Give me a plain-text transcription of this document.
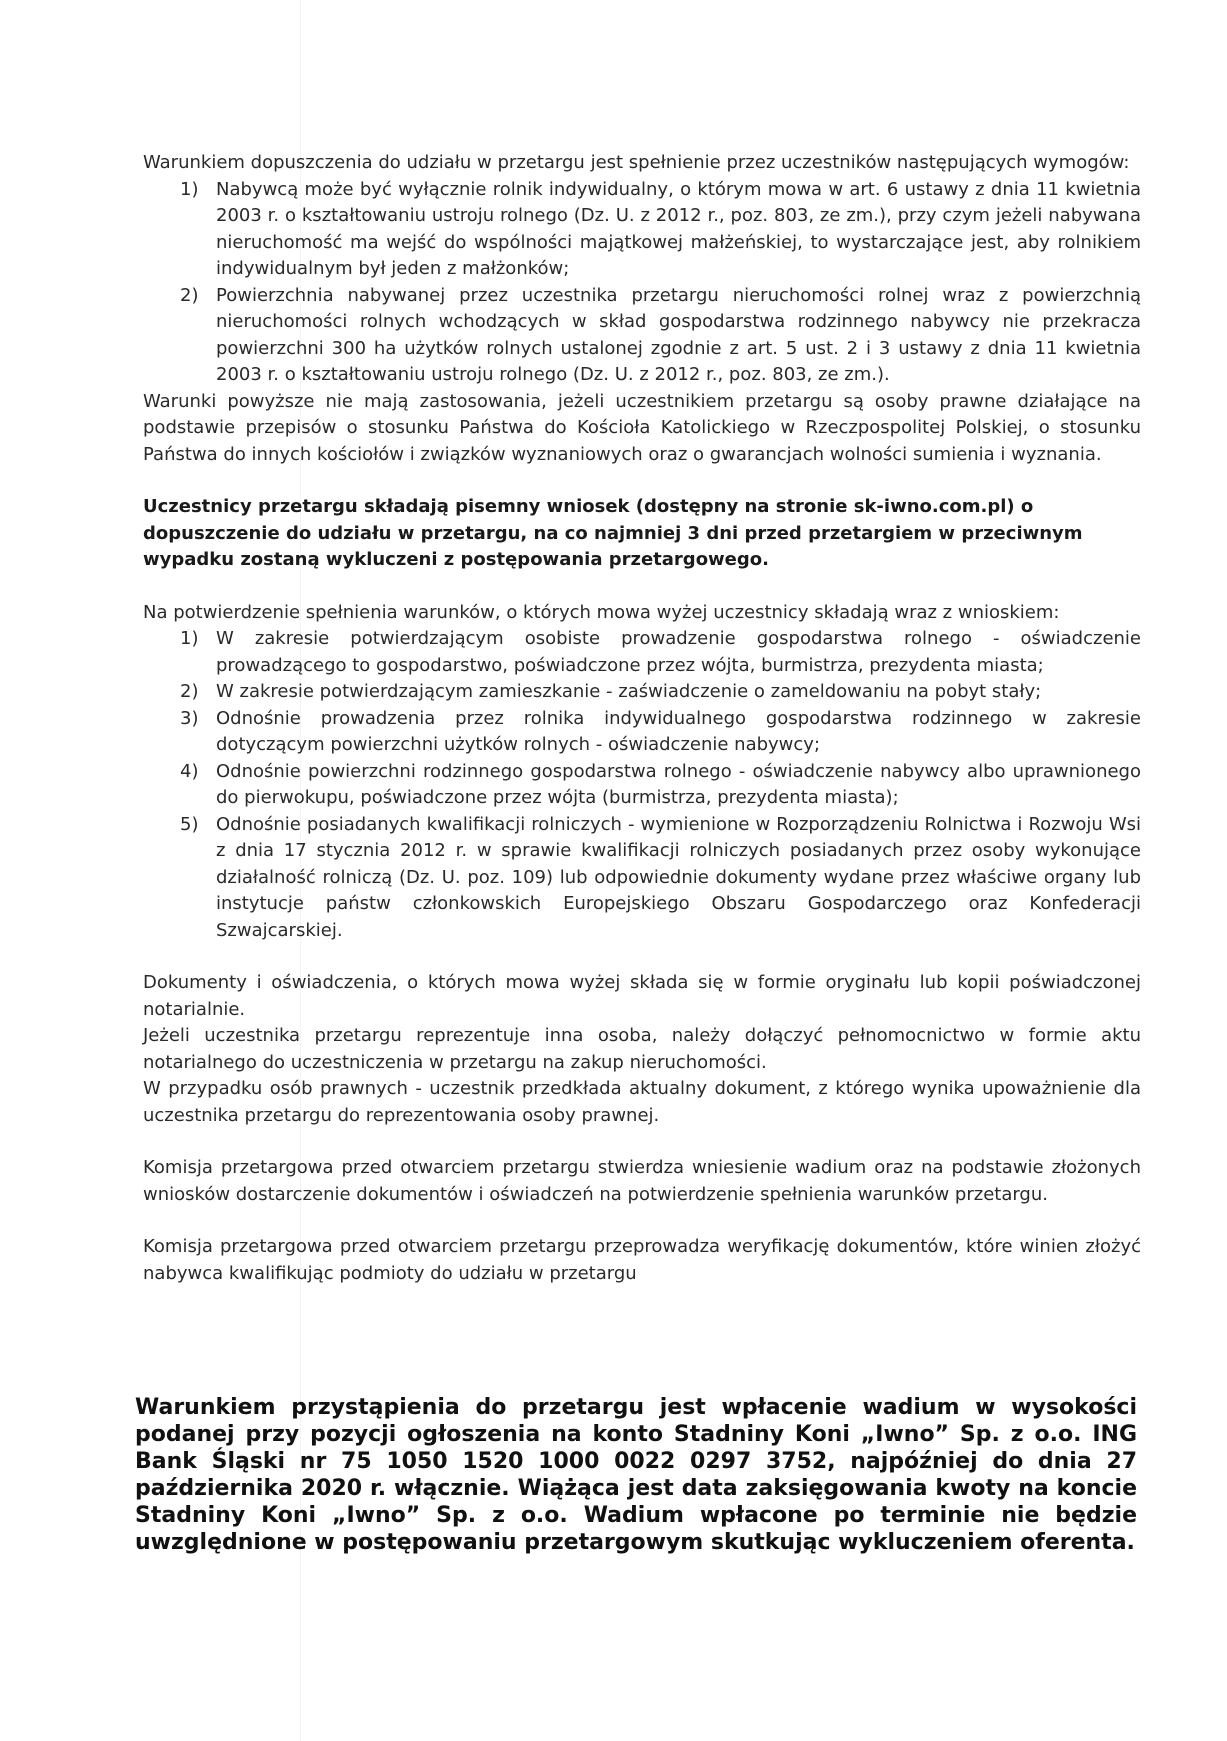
Warunkiem dopuszczenia do udziału w przetargu jest spełnienie przez uczestników następujących wymogów:

1) Nabywcą może być wyłącznie rolnik indywidualny, o którym mowa w art. 6 ustawy z dnia 11 kwietnia 2003 r. o kształtowaniu ustroju rolnego (Dz. U. z 2012 r., poz. 803, ze zm.), przy czym jeżeli nabywana nieruchomość ma wejść do wspólności majątkowej małżeńskiej, to wystarczające jest, aby rolnikiem indywidualnym był jeden z małżonków;
2) Powierzchnia nabywanej przez uczestnika przetargu nieruchomości rolnej wraz z powierzchnią nieruchomości rolnych wchodzących w skład gospodarstwa rodzinnego nabywcy nie przekracza powierzchni 300 ha użytków rolnych ustalonej zgodnie z art. 5 ust. 2 i 3 ustawy z dnia 11 kwietnia 2003 r. o kształtowaniu ustroju rolnego (Dz. U. z 2012 r., poz. 803, ze zm.).

Warunki powyższe nie mają zastosowania, jeżeli uczestnikiem przetargu są osoby prawne działające na podstawie przepisów o stosunku Państwa do Kościoła Katolickiego w Rzeczpospolitej Polskiej, o stosunku Państwa do innych kościołów i związków wyznaniowych oraz o gwarancjach wolności sumienia i wyznania.

Uczestnicy przetargu składają pisemny wniosek (dostępny na stronie sk-iwno.com.pl) o dopuszczenie do udziału w przetargu, na co najmniej 3 dni przed przetargiem w przeciwnym wypadku zostaną wykluczeni z postępowania przetargowego.

Na potwierdzenie spełnienia warunków, o których mowa wyżej uczestnicy składają wraz z wnioskiem:

1) W zakresie potwierdzającym osobiste prowadzenie gospodarstwa rolnego - oświadczenie prowadzącego to gospodarstwo, poświadczone przez wójta, burmistrza, prezydenta miasta;
2) W zakresie potwierdzającym zamieszkanie - zaświadczenie o zameldowaniu na pobyt stały;
3) Odnośnie prowadzenia przez rolnika indywidualnego gospodarstwa rodzinnego w zakresie dotyczącym powierzchni użytków rolnych - oświadczenie nabywcy;
4) Odnośnie powierzchni rodzinnego gospodarstwa rolnego - oświadczenie nabywcy albo uprawnionego do pierwokupu, poświadczone przez wójta (burmistrza, prezydenta miasta);
5) Odnośnie posiadanych kwalifikacji rolniczych - wymienione w Rozporządzeniu Rolnictwa i Rozwoju Wsi z dnia 17 stycznia 2012 r. w sprawie kwalifikacji rolniczych posiadanych przez osoby wykonujące działalność rolniczą (Dz. U. poz. 109) lub odpowiednie dokumenty wydane przez właściwe organy lub instytucje państw członkowskich Europejskiego Obszaru Gospodarczego oraz Konfederacji Szwajcarskiej.

Dokumenty i oświadczenia, o których mowa wyżej składa się w formie oryginału lub kopii poświadczonej notarialnie.

Jeżeli uczestnika przetargu reprezentuje inna osoba, należy dołączyć pełnomocnictwo w formie aktu notarialnego do uczestniczenia w przetargu na zakup nieruchomości.

W przypadku osób prawnych - uczestnik przedkłada aktualny dokument, z którego wynika upoważnienie dla uczestnika przetargu do reprezentowania osoby prawnej.

Komisja przetargowa przed otwarciem przetargu stwierdza wniesienie wadium oraz na podstawie złożonych wniosków dostarczenie dokumentów i oświadczeń na potwierdzenie spełnienia warunków przetargu.

Komisja przetargowa przed otwarciem przetargu przeprowadza weryfikację dokumentów, które winien złożyć nabywca kwalifikując podmioty do udziału w przetargu

Warunkiem przystąpienia do przetargu jest wpłacenie wadium w wysokości podanej przy pozycji ogłoszenia na konto Stadniny Koni „Iwno” Sp. z o.o. ING Bank Śląski nr 75 1050 1520 1000 0022 0297 3752, najpóźniej do dnia 27 października 2020 r. włącznie. Wiążąca jest data zaksięgowania kwoty na koncie Stadniny Koni „Iwno” Sp. z o.o. Wadium wpłacone po terminie nie będzie uwzględnione w postępowaniu przetargowym skutkując wykluczeniem oferenta.
